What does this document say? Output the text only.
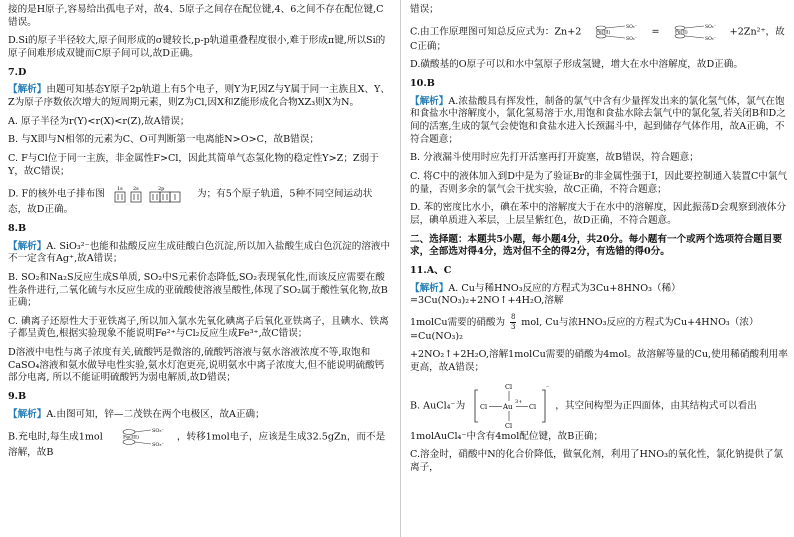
接的是H原子,容易给出孤电子对，故4、5原子之间存在配位键,4、6之间不存在配位键,C错误。

D.Si的原子半径较大,原子间形成的σ键较长,p-p轨道重叠程度很小,难于形成π键,所以Si的原子间难形成双键而C原子间可以,故D正确。

7.D

【解析】由题可知基态Y原子2p轨道上有5个电子，则Y为F,因Z与Y属于同一主族且X、Y、Z为原子序数依次增大的短周期元素，则Z为Cl,因X和Z能形成化合物XZ₃则X为N。

A. 原子半径为r(Y)<r(X)<r(Z),故A错误；

B. 与X即与N相邻的元素为C、O可判断第一电离能N>O>C，故B错误；

C. F与Cl位于同一主族，非金属性F>Cl，因此其简单气态氢化物的稳定性Y>Z；Z弱于Y，故C错误；

D. F的核外电子排布图 1s 2s	2p	为；有5个原子轨道，5种不同空间运动状态，故D正确。

8.B

【解析】A. SiO₃²⁻也能和盐酸反应生成硅酸白色沉淀,所以加入盐酸生成白色沉淀的溶液中不一定含有Ag⁺,故A错误；

B. SO₂和Na₂S反应生成S单质, SO₂中S元素价态降低,SO₂表现氧化性,而该反应需要在酸性条件进行,二氧化硫与水反应生成的亚硫酸使溶液呈酸性,体现了SO₂属于酸性氧化物,故B正确；

C. 碘离子还原性大于亚铁离子,所以加入氯水先氧化碘离子后氧化亚铁离子，且碘水、铁离子都呈黄色,根据实验现象不能说明Fe²⁺与Cl₂反应生成Fe³⁺,故C错误；

D溶液中电性与离子浓度有关,硫酸钙是微溶的,硫酸钙溶液与氨水溶液浓度不等,取饱和CaSO₄溶液和氨水做导电性实验,氨水灯泡更亮,说明氨水中离子浓度大,但不能说明硫酸钙部分电离, 所以不能证明硫酸钙为弱电解质,故D错误；

9.B

【解析】A.由图可知，锌—二茂铁在两个电极区，故A正确；

B.充电时,每生成1mol	Fe(III)
SO₃⁻
SO₃⁻
，转移1mol电子，应该是生成32.5gZn，而不是溶解，故B

错误；

C.由工作原理图可知总反应式为：Zn+2	Fe(III)
SO₃⁻
SO₃⁻
=	Fe(II)
SO₃⁻
SO₃⁻
+2Zn²⁺，故C正确；

D.磺酸基的O原子可以和水中氢原子形成氢键，增大在水中溶解度，故D正确。

10.B

【解析】A.浓盐酸具有挥发性，制备的氯气中含有少量挥发出来的氯化氢气体，氯气在饱和食盐水中溶解度小，氯化氢易溶于水,用饱和食盐水除去氯气中的氯化氢,若关闭B和D之间的活塞,生成的氯气会使饱和食盐水进入长颈漏斗中，起到储存气体作用，故A正确，不符合题意；

B. 分液漏斗使用时应先打开活塞再打开旋塞，故B错误，符合题意；

C. 将C中的液体加入到D中是为了验证Br的非金属性强于I，因此要控制通入装置C中氯气的量，否则多余的氯气会干扰实验，故C正确，不符合题意；

D. 苯的密度比水小，碘在苯中的溶解度大于在水中的溶解度，因此振荡D会观察到液体分层，碘单质进入苯层，上层呈紫红色，故D正确，不符合题意。

二、选择题：本题共5小题，每小题4分，共20分。每小题有一个或两个选项符合题目要求，全部选对得4分，选对但不全的得2分，有选错的得0分。

11.A、C

【解析】A. Cu与稀HNO₃反应的方程式为3Cu+8HNO₃（稀）=3Cu(NO₃)₂+2NO↑+4H₂O,溶解

1molCu需要的硝酸为 $\frac{8}{3}$ mol, Cu与浓HNO₃反应的方程式为Cu+4HNO₃（浓）=Cu(NO₃)₂

+2NO₂↑+2H₂O,溶解1molCu需要的硝酸为4mol。故溶解等量的Cu,使用稀硝酸利用率更高，故A错误；

B. AuCl₄⁻为
⁻
Au
3+
Cl
Cl
Cl	Cl ，其空间构型为正四面体，由其结构式可以看出1molAuCl₄⁻中含有4mol配位键，故B正确；

C.溶金时，硝酸中N的化合价降低，做氧化剂，利用了HNO₃的氧化性，氯化钠提供了氯离子，
